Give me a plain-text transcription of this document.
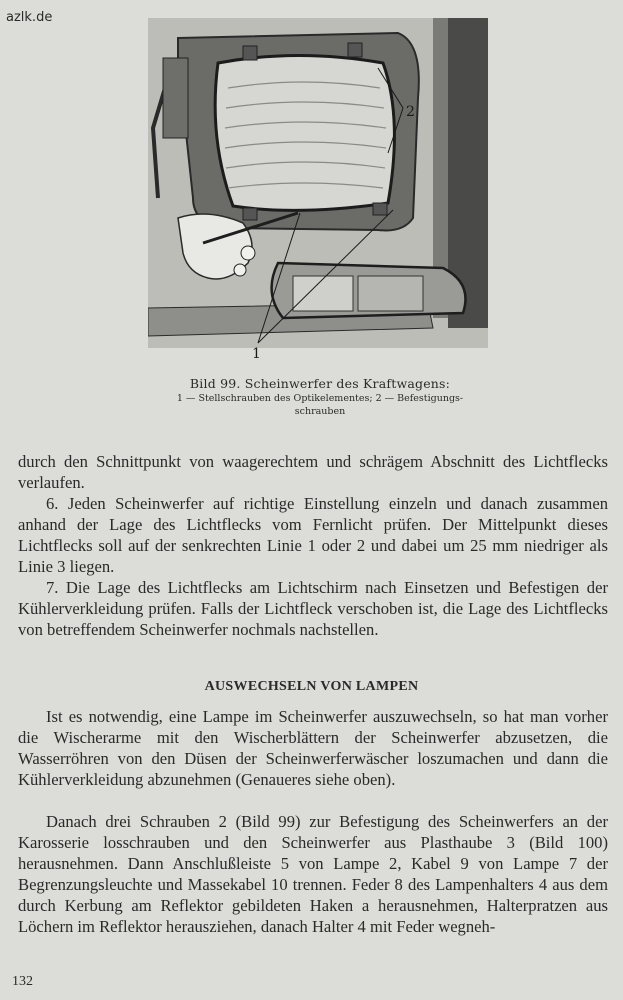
azlk.de
2
1
Bild 99. Scheinwerfer des Kraftwagens:
1 — Stellschrauben des Optikelementes; 2 — Befestigungs-
schrauben

durch den Schnittpunkt von waagerechtem und schrägem Abschnitt des Lichtflecks verlaufen.

6. Jeden Scheinwerfer auf richtige Einstellung einzeln und danach zusammen anhand der Lage des Lichtflecks vom Fernlicht prüfen. Der Mittelpunkt dieses Lichtflecks soll auf der senkrechten Linie 1 oder 2 und dabei um 25 mm niedriger als Linie 3 liegen.

7. Die Lage des Lichtflecks am Lichtschirm nach Einsetzen und Befestigen der Kühlerverkleidung prüfen. Falls der Lichtfleck verschoben ist, die Lage des Lichtflecks von betreffendem Scheinwerfer nochmals nachstellen.

AUSWECHSELN VON LAMPEN

Ist es notwendig, eine Lampe im Scheinwerfer auszuwechseln, so hat man vorher die Wischerarme mit den Wischerblättern der Scheinwerfer abzusetzen, die Wasserröhren von den Düsen der Scheinwerferwäscher loszumachen und dann die Kühlerverkleidung abzunehmen (Genaueres siehe oben).

Danach drei Schrauben 2 (Bild 99) zur Befestigung des Scheinwerfers an der Karosserie losschrauben und den Scheinwerfer aus Plasthaube 3 (Bild 100) herausnehmen. Dann Anschlußleiste 5 von Lampe 2, Kabel 9 von Lampe 7 der Begrenzungsleuchte und Massekabel 10 trennen. Feder 8 des Lampenhalters 4 aus dem durch Kerbung am Reflektor gebildeten Haken a herausnehmen, Halterpratzen aus Löchern im Reflektor herausziehen, danach Halter 4 mit Feder wegneh-

132
